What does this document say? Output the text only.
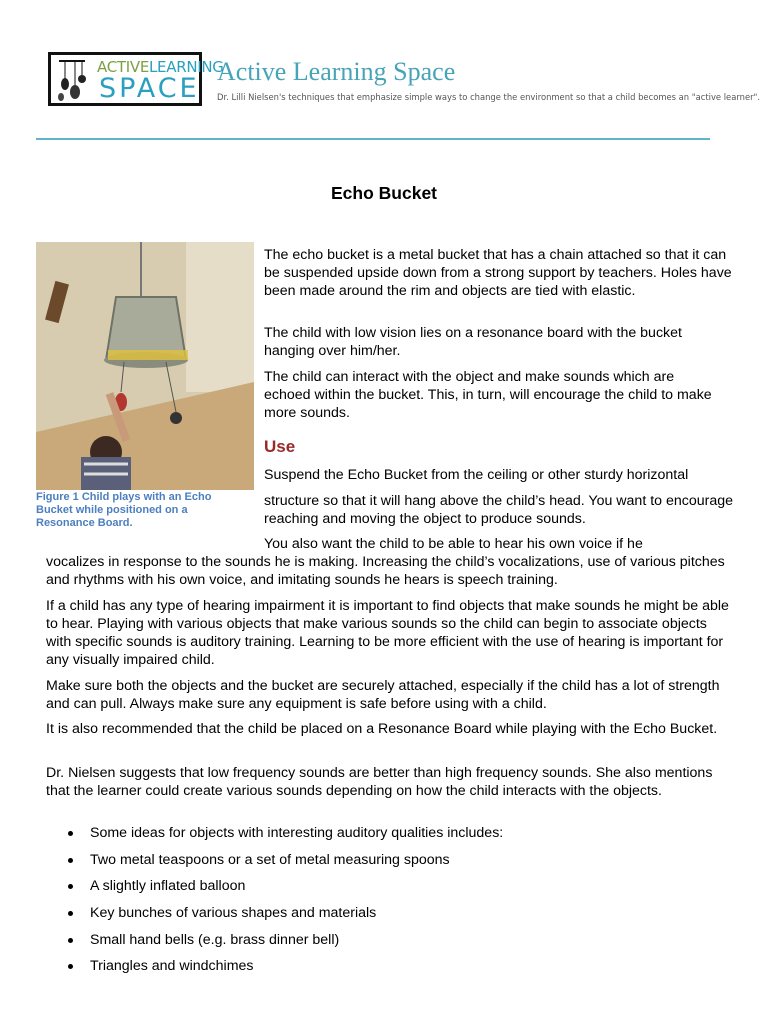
ACTIVELEARNING
SPACE
Active Learning Space
Dr. Lilli Nielsen's techniques that emphasize simple ways to change the environment so that a child becomes an "active learner".
Echo Bucket
Figure 1 Child plays with an Echo Bucket while positioned on a Resonance Board.

The echo bucket is a metal bucket that has a chain attached so that it can be suspended upside down from a strong support by teachers. Holes have been made around the rim and objects are tied with elastic.

The child with low vision lies on a resonance board with the bucket hanging over him/her.

The child can interact with the object and make sounds which are echoed within the bucket. This, in turn, will encourage the child to make more sounds.

Use

Suspend the Echo Bucket from the ceiling or other sturdy horizontal

structure so that it will hang above the child’s head. You want to encourage reaching and moving the object to produce sounds.

You also want the child to be able to hear his own voice if he

vocalizes in response to the sounds he is making. Increasing the child’s vocalizations, use of various pitches and rhythms with his own voice, and imitating sounds he hears is speech training.

If a child has any type of hearing impairment it is important to find objects that make sounds he might be able to hear. Playing with various objects that make various sounds so the child can begin to associate objects with specific sounds is auditory training. Learning to be more efficient with the use of hearing is important for any visually impaired child.

Make sure both the objects and the bucket are securely attached, especially if the child has a lot of strength and can pull. Always make sure any equipment is safe before using with a child.

It is also recommended that the child be placed on a Resonance Board while playing with the Echo Bucket.

Dr. Nielsen suggests that low frequency sounds are better than high frequency sounds. She also mentions that the learner could create various sounds depending on how the child interacts with the objects.

Some ideas for objects with interesting auditory qualities includes:
Two metal teaspoons or a set of metal measuring spoons
A slightly inflated balloon
Key bunches of various shapes and materials
Small hand bells (e.g. brass dinner bell)
Triangles and windchimes
